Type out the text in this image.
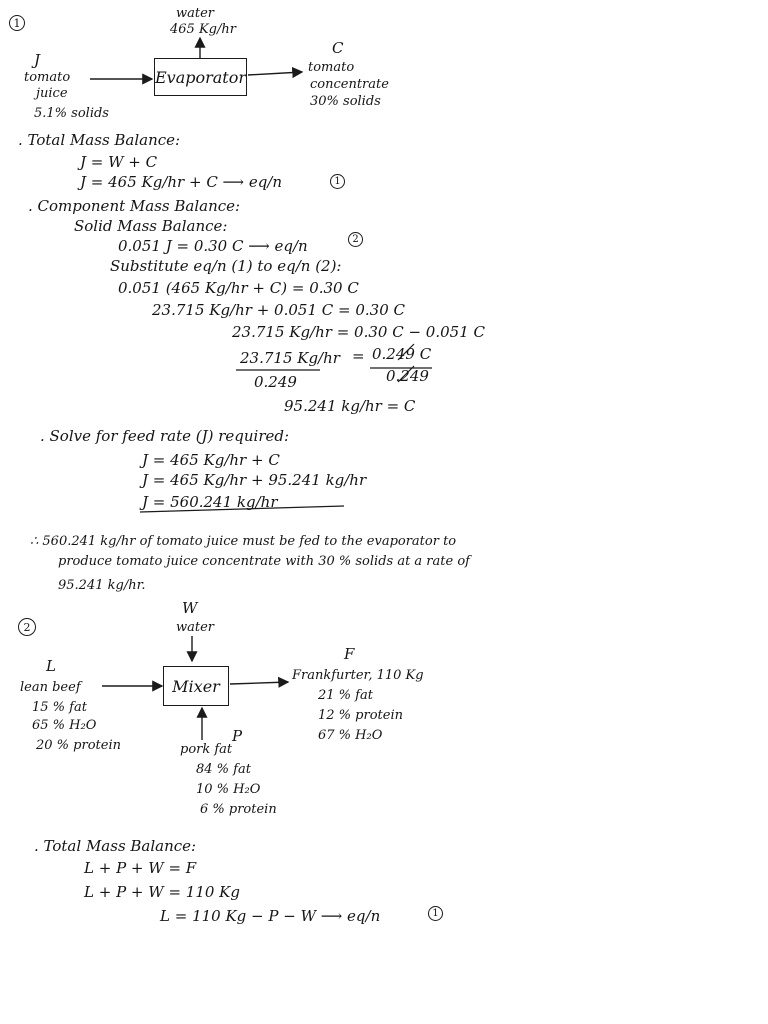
1
water
465 Kg/hr
J
tomato
juice
5.1% solids
Evaporator
C
tomato
concentrate
30% solids
. Total Mass Balance:
J = W + C
J = 465 Kg/hr + C ⟶ eq/n	1
. Component Mass Balance:
Solid Mass Balance:
0.051 J = 0.30 C ⟶ eq/n	2
Substitute eq/n (1) to eq/n (2):
0.051 (465 Kg/hr + C) = 0.30 C
23.715 Kg/hr + 0.051 C = 0.30 C
23.715 Kg/hr = 0.30 C − 0.051 C
23.715 Kg/hr = 0.249 C
0.249	0.249
95.241 kg/hr = C
. Solve for feed rate (J) required:
J = 465 Kg/hr + C
J = 465 Kg/hr + 95.241 kg/hr
J = 560.241 kg/hr
∴ 560.241 kg/hr of tomato juice must be fed to the evaporator to
produce tomato juice concentrate with 30 % solids at a rate of
95.241 kg/hr.
2
W
water
L
lean beef
15 % fat
65 % H₂O
20 % protein
Mixer
F
Frankfurter, 110 Kg
21 % fat
12 % protein
67 % H₂O
P
pork fat
84 % fat
10 % H₂O
6 % protein
. Total Mass Balance:
L + P + W = F
L + P + W = 110 Kg
L = 110 Kg − P − W ⟶ eq/n	1
